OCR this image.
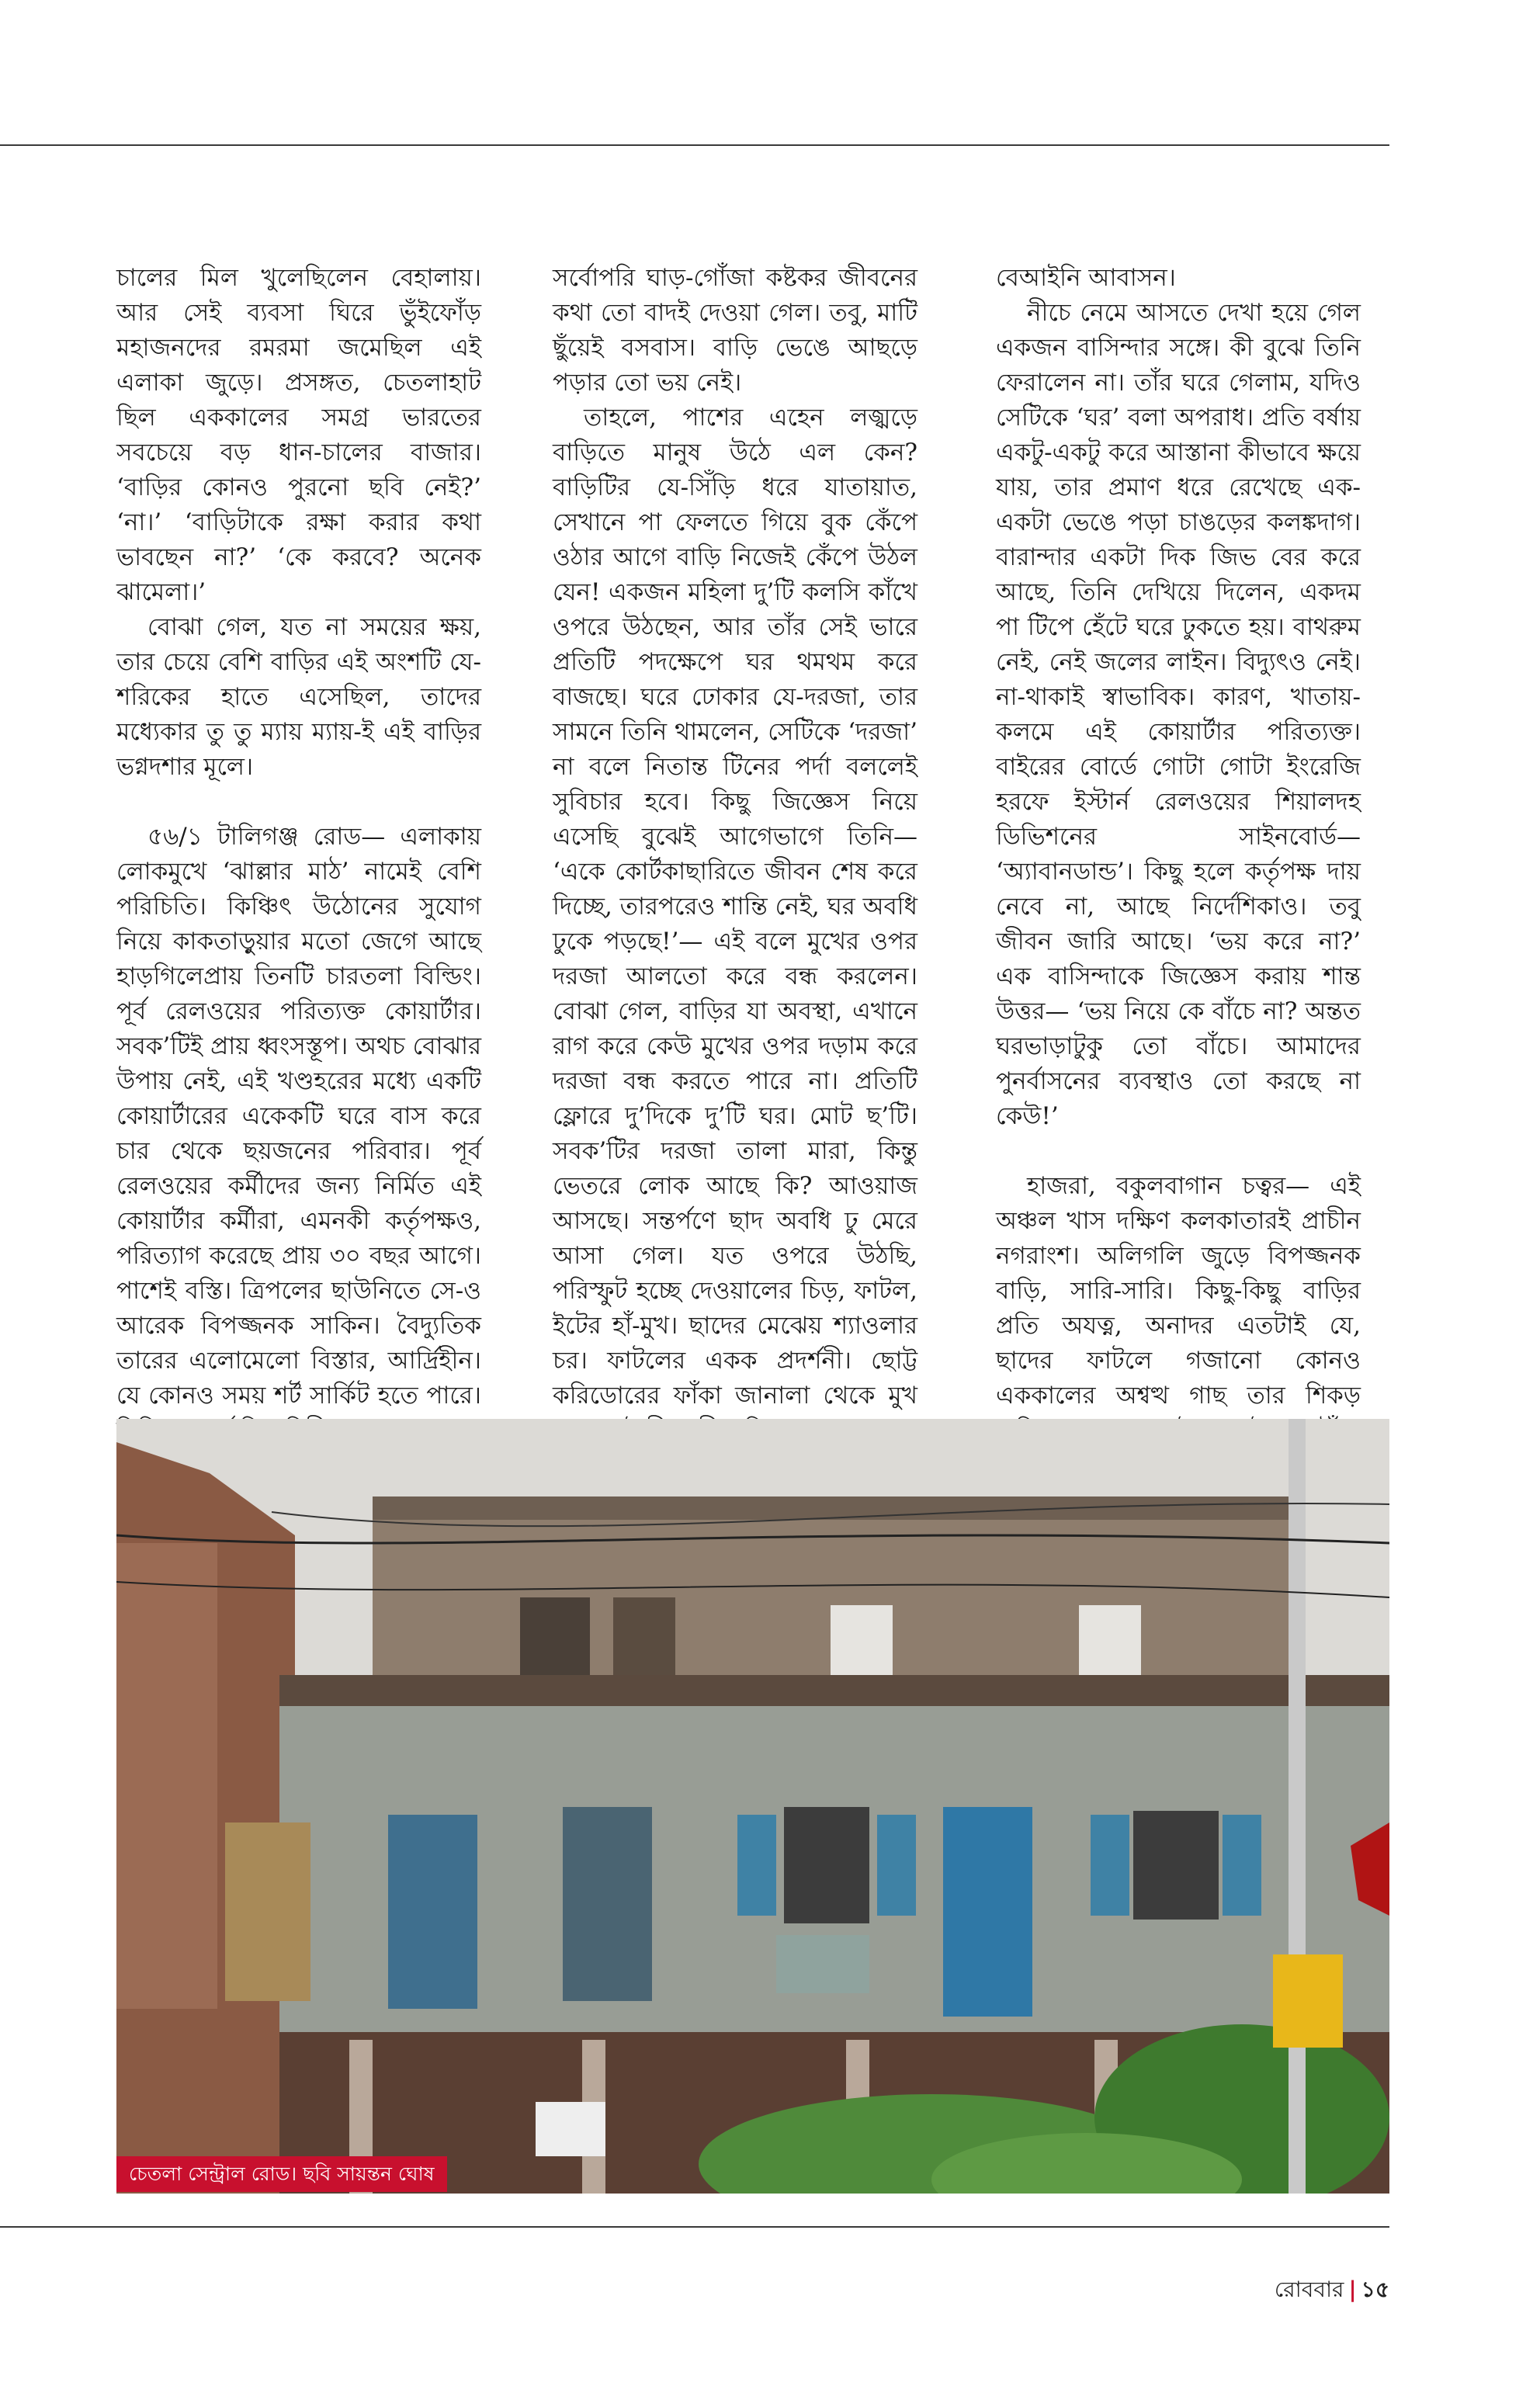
চালের মিল খুলেছিলেন বেহালায়। আর সেই ব্যবসা ঘিরে ভুঁইফোঁড় মহাজনদের রমরমা জমেছিল এই এলাকা জুড়ে। প্রসঙ্গত, চেতলাহাট ছিল এককালের সমগ্র ভারতের সবচেয়ে বড় ধান-চালের বাজার। ‘বাড়ির কোনও পুরনো ছবি নেই?’ ‘না।’ ‘বাড়িটাকে রক্ষা করার কথা ভাবছেন না?’ ‘কে করবে? অনেক ঝামেলা।’

বোঝা গেল, যত না সময়ের ক্ষয়, তার চেয়ে বেশি বাড়ির এই অংশটি যে-শরিকের হাতে এসেছিল, তাদের মধ্যেকার তু তু ম্যায় ম্যায়-ই এই বাড়ির ভগ্নদশার মূলে।

৫৬/১ টালিগঞ্জ রোড— এলাকায় লোকমুখে ‘ঝাল্লার মাঠ’ নামেই বেশি পরিচিতি। কিঞ্চিৎ উঠোনের সুযোগ নিয়ে কাকতাড়ুয়ার মতো জেগে আছে হাড়গিলেপ্রায় তিনটি চারতলা বিল্ডিং। পূর্ব রেলওয়ের পরিত্যক্ত কোয়ার্টার। সবক’টিই প্রায় ধ্বংসস্তূপ। অথচ বোঝার উপায় নেই, এই খণ্ডহরের মধ্যে একটি কোয়ার্টারের একেকটি ঘরে বাস করে চার থেকে ছয়জনের পরিবার। পূর্ব রেলওয়ের কর্মীদের জন্য নির্মিত এই কোয়ার্টার কর্মীরা, এমনকী কর্তৃপক্ষও, পরিত্যাগ করেছে প্রায় ৩০ বছর আগে। পাশেই বস্তি। ত্রিপলের ছাউনিতে সে-ও আরেক বিপজ্জনক সাকিন। বৈদ্যুতিক তারের এলোমেলো বিস্তার, আর্দ্রিহীন। যে কোনও সময় শর্ট সার্কিট হতে পারে।

সর্বোপরি ঘাড়-গোঁজা কষ্টকর জীবনের কথা তো বাদই দেওয়া গেল। তবু, মাটি ছুঁয়েই বসবাস। বাড়ি ভেঙে আছড়ে পড়ার তো ভয় নেই।

তাহলে, পাশের এহেন লজ্ঝড়ে বাড়িতে মানুষ উঠে এল কেন? বাড়িটির যে-সিঁড়ি ধরে যাতায়াত, সেখানে পা ফেলতে গিয়ে বুক কেঁপে ওঠার আগে বাড়ি নিজেই কেঁপে উঠল যেন! একজন মহিলা দু’টি কলসি কাঁখে ওপরে উঠছেন, আর তাঁর সেই ভারে প্রতিটি পদক্ষেপে ঘর থমথম করে বাজছে। ঘরে ঢোকার যে-দরজা, তার সামনে তিনি থামলেন, সেটিকে ‘দরজা’ না বলে নিতান্ত টিনের পর্দা বললেই সুবিচার হবে। কিছু জিজ্ঞেস নিয়ে এসেছি বুঝেই আগেভাগে তিনি— ‘একে কোর্টকাছারিতে জীবন শেষ করে দিচ্ছে, তারপরেও শান্তি নেই, ঘর অবধি ঢুকে পড়ছে!’— এই বলে মুখের ওপর দরজা আলতো করে বন্ধ করলেন। বোঝা গেল, বাড়ির যা অবস্থা, এখানে রাগ করে কেউ মুখের ওপর দড়াম করে দরজা বন্ধ করতে পারে না। প্রতিটি ফ্লোরে দু’দিকে দু’টি ঘর। মোট ছ’টি। সবক’টির দরজা তালা মারা, কিন্তু ভেতরে লোক আছে কি? আওয়াজ আসছে। সন্তর্পণে ছাদ অবধি ঢু মেরে আসা গেল। যত ওপরে উঠছি, পরিস্ফুট হচ্ছে দেওয়ালের চিড়, ফাটল, ইটের হাঁ-মুখ। ছাদের মেঝেয় শ্যাওলার চর। ফাটলের একক প্রদর্শনী। ছোট্ট করিডোরের ফাঁকা জানালা থেকে মুখ

বেআইনি আবাসন।

নীচে নেমে আসতে দেখা হয়ে গেল একজন বাসিন্দার সঙ্গে। কী বুঝে তিনি ফেরালেন না। তাঁর ঘরে গেলাম, যদিও সেটিকে ‘ঘর’ বলা অপরাধ। প্রতি বর্ষায় একটু-একটু করে আস্তানা কীভাবে ক্ষয়ে যায়, তার প্রমাণ ধরে রেখেছে এক-একটা ভেঙে পড়া চাঙড়ের কলঙ্কদাগ। বারান্দার একটা দিক জিভ বের করে আছে, তিনি দেখিয়ে দিলেন, একদম পা টিপে হেঁটে ঘরে ঢুকতে হয়। বাথরুম নেই, নেই জলের লাইন। বিদ্যুৎও নেই। না-থাকাই স্বাভাবিক। কারণ, খাতায়-কলমে এই কোয়ার্টার পরিত্যক্ত। বাইরের বোর্ডে গোটা গোটা ইংরেজি হরফে ইস্টার্ন রেলওয়ের শিয়ালদহ ডিভিশনের সাইনবোর্ড— ‘অ্যাবানডান্ড’। কিছু হলে কর্তৃপক্ষ দায় নেবে না, আছে নির্দেশিকাও। তবু জীবন জারি আছে। ‘ভয় করে না?’ এক বাসিন্দাকে জিজ্ঞেস করায় শান্ত উত্তর— ‘ভয় নিয়ে কে বাঁচে না? অন্তত ঘরভাড়াটুকু তো বাঁচে। আমাদের পুনর্বাসনের ব্যবস্থাও তো করছে না কেউ!’

হাজরা, বকুলবাগান চত্বর— এই অঞ্চল খাস দক্ষিণ কলকাতারই প্রাচীন নগরাংশ। অলিগলি জুড়ে বিপজ্জনক বাড়ি, সারি-সারি। কিছু-কিছু বাড়ির প্রতি অযত্ন, অনাদর এতটাই যে, ছাদের ফাটলে গজানো কোনও এককালের অশ্বত্থ গাছ তার শিকড়

চেতলা সেন্ট্রাল রোড। ছবি সায়ন্তন ঘোষ
রোববার | ১৫
